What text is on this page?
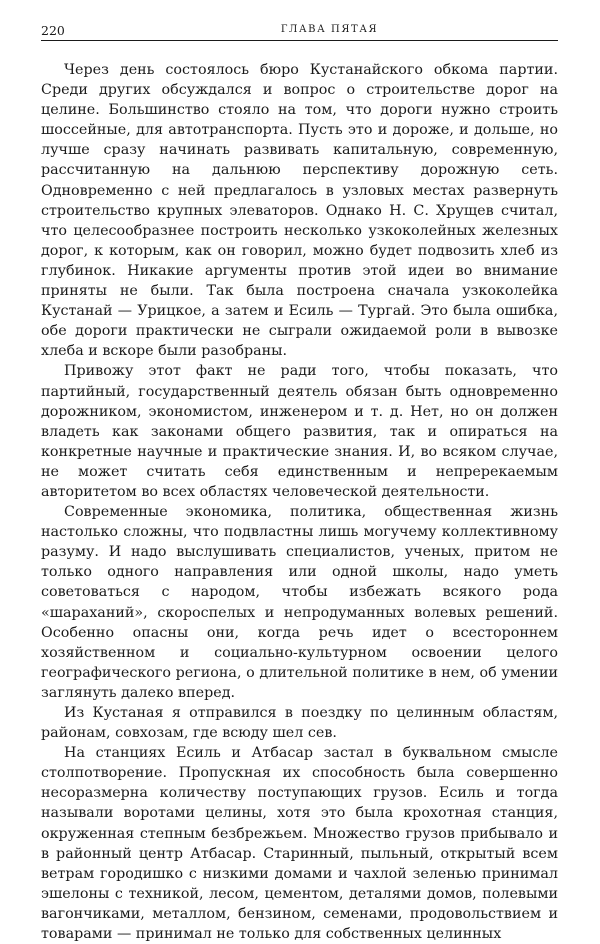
220	ГЛАВА ПЯТАЯ

Через день состоялось бюро Кустанайского обкома партии. Среди других обсуждался и вопрос о строительстве дорог на целине. Большинство стояло на том, что дороги нужно строить шоссейные, для автотранспорта. Пусть это и дороже, и дольше, но лучше сразу начинать развивать капитальную, современную, рассчитанную на дальнюю перспективу дорожную сеть. Одновременно с ней предлагалось в узловых местах развернуть строительство крупных элеваторов. Однако Н. С. Хрущев считал, что целесообразнее построить несколько узкоколейных железных дорог, к которым, как он говорил, можно будет подвозить хлеб из глубинок. Никакие аргументы против этой идеи во внимание приняты не были. Так была построена сначала узкоколейка Кустанай — Урицкое, а затем и Есиль — Тургай. Это была ошибка, обе дороги практически не сыграли ожидаемой роли в вывозке хлеба и вскоре были разобраны.

Привожу этот факт не ради того, чтобы показать, что партийный, государственный деятель обязан быть одновременно дорожником, экономистом, инженером и т. д. Нет, но он должен владеть как законами общего развития, так и опираться на конкретные научные и практические знания. И, во всяком случае, не может считать себя единственным и непререкаемым авторитетом во всех областях человеческой деятельности.

Современные экономика, политика, общественная жизнь настолько сложны, что подвластны лишь могучему коллективному разуму. И надо выслушивать специалистов, ученых, притом не только одного направления или одной школы, надо уметь советоваться с народом, чтобы избежать всякого рода «шараханий», скороспелых и непродуманных волевых решений. Особенно опасны они, когда речь идет о всестороннем хозяйственном и социально-культурном освоении целого географического региона, о длительной политике в нем, об умении заглянуть далеко вперед.

Из Кустаная я отправился в поездку по целинным областям, районам, совхозам, где всюду шел сев.

На станциях Есиль и Атбасар застал в буквальном смысле столпотворение. Пропускная их способность была совершенно несоразмерна количеству поступающих грузов. Есиль и тогда называли воротами целины, хотя это была крохотная станция, окруженная степным безбрежьем. Множество грузов прибывало и в районный центр Атбасар. Старинный, пыльный, открытый всем ветрам городишко с низкими домами и чахлой зеленью принимал эшелоны с техникой, лесом, цементом, деталями домов, полевыми вагончиками, металлом, бензином, семенами, продовольствием и товарами — принимал не только для собственных целинных
